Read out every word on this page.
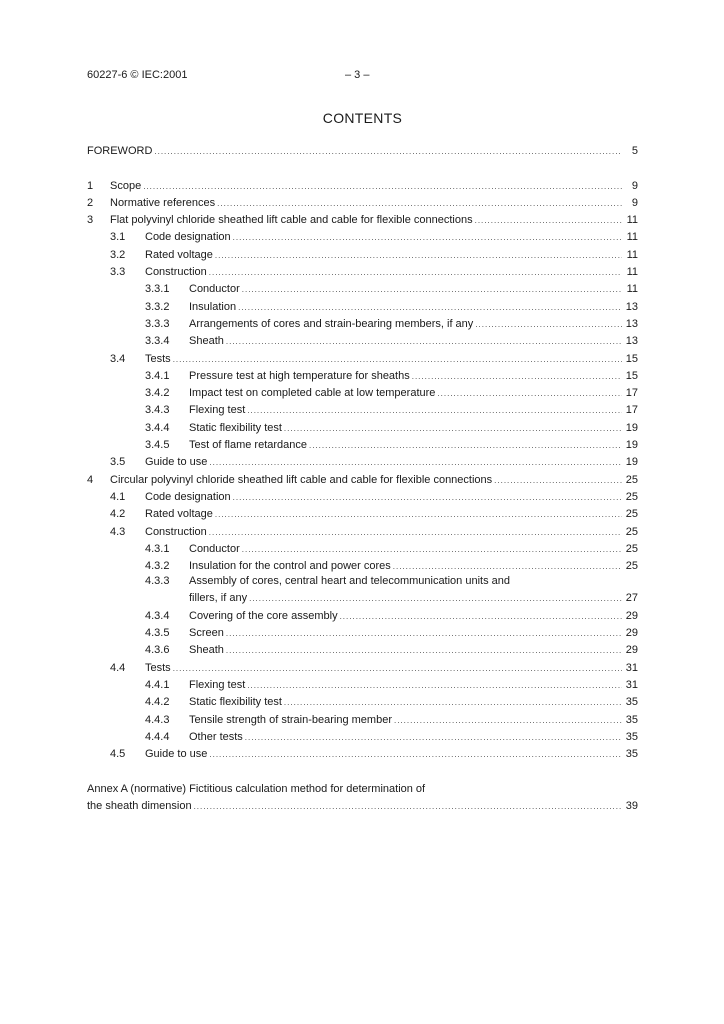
60227-6 © IEC:2001	– 3 –
CONTENTS
FOREWORD .....	5
1	Scope .....	9
2	Normative references .....	9
3	Flat polyvinyl chloride sheathed lift cable and cable for flexible connections .....	11
3.1	Code designation .....	11
3.2	Rated voltage .....	11
3.3	Construction .....	11
3.3.1	Conductor .....	11
3.3.2	Insulation .....	13
3.3.3	Arrangements of cores and strain-bearing members, if any .....	13
3.3.4	Sheath .....	13
3.4	Tests .....	15
3.4.1	Pressure test at high temperature for sheaths .....	15
3.4.2	Impact test on completed cable at low temperature .....	17
3.4.3	Flexing test .....	17
3.4.4	Static flexibility test .....	19
3.4.5	Test of flame retardance .....	19
3.5	Guide to use .....	19
4	Circular polyvinyl chloride sheathed lift cable and cable for flexible connections .....	25
4.1	Code designation .....	25
4.2	Rated voltage .....	25
4.3	Construction .....	25
4.3.1	Conductor .....	25
4.3.2	Insulation for the control and power cores .....	25
4.3.3	Assembly of cores, central heart and telecommunication units and
fillers, if any .....	27
4.3.4	Covering of the core assembly .....	29
4.3.5	Screen .....	29
4.3.6	Sheath .....	29
4.4	Tests .....	31
4.4.1	Flexing test .....	31
4.4.2	Static flexibility test .....	35
4.4.3	Tensile strength of strain-bearing member .....	35
4.4.4	Other tests .....	35
4.5	Guide to use .....	35
Annex A (normative) Fictitious calculation method for determination of
the sheath dimension .....	39
